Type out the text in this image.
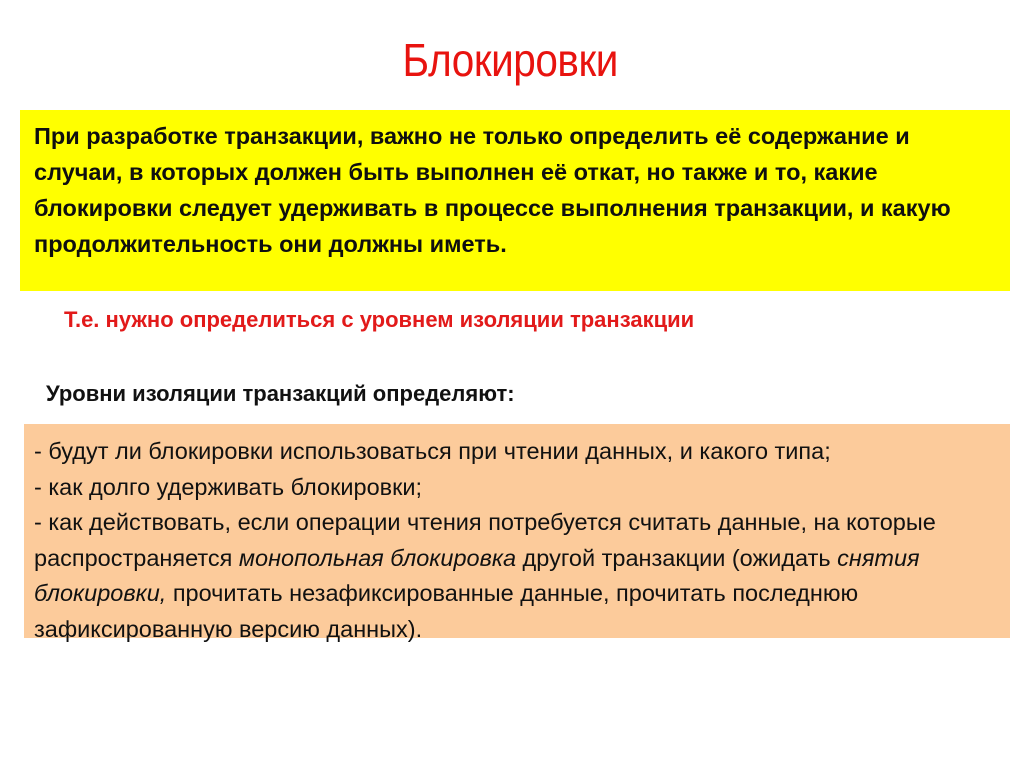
Блокировки
При разработке транзакции, важно не только определить её содержание и случаи, в которых должен быть выполнен её откат, но также и то, какие блокировки следует удерживать в процессе выполнения транзакции, и какую продолжительность они должны иметь.
Т.е. нужно определиться с уровнем изоляции транзакции
Уровни изоляции транзакций определяют:
- будут ли блокировки использоваться при чтении данных, и какого типа;
- как долго удерживать блокировки;
- как действовать, если операции чтения потребуется считать данные, на которые распространяется монопольная блокировка другой транзакции (ожидать снятия блокировки, прочитать незафиксированные данные, прочитать последнюю зафиксированную версию данных).
